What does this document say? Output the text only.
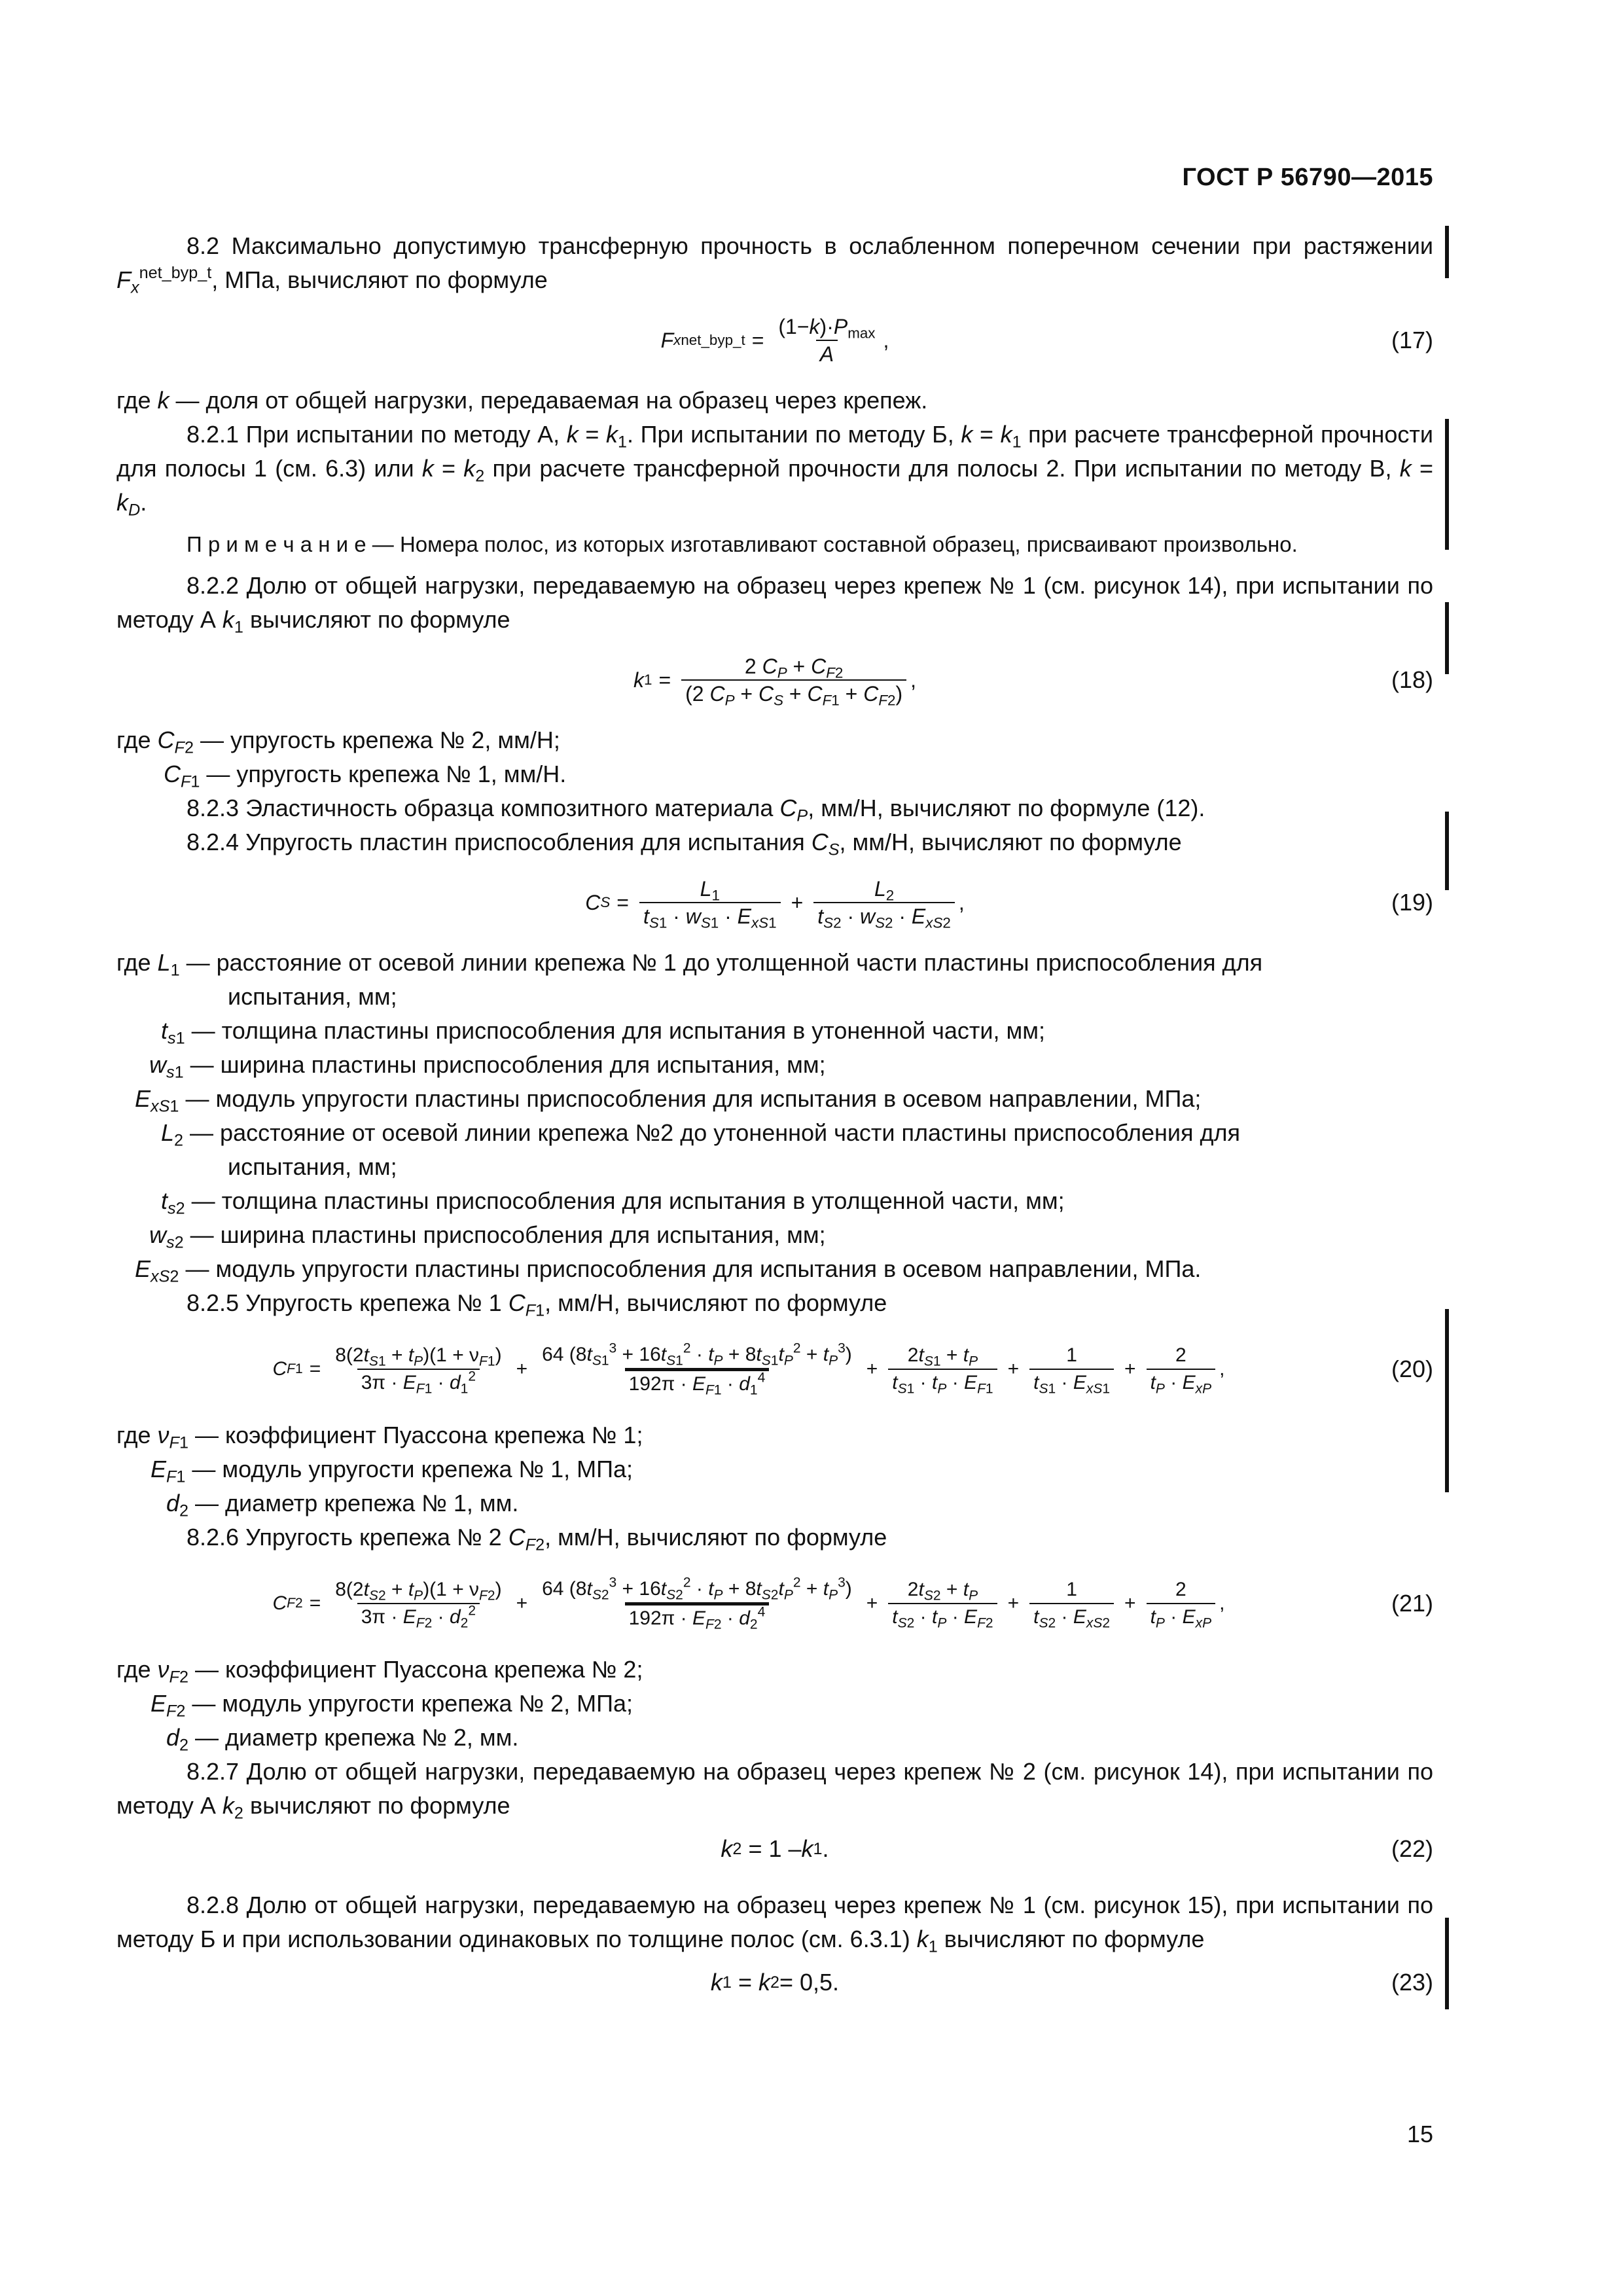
ГОСТ Р 56790—2015

8.2 Максимально допустимую трансферную прочность в ослабленном поперечном сечении при растяжении $F_x^{net\_byp\_t}$, МПа, вычисляют по формуле

F x net_byp_t = $\frac{(1-k)\cdot P_{max}}{A}$ ,	(17)

где k — доля от общей нагрузки, передаваемая на образец через крепеж.

8.2.1 При испытании по методу А, $k = k_1$. При испытании по методу Б, $k = k_1$ при расчете трансферной прочности для полосы 1 (см. 6.3) или $k = k_2$ при расчете трансферной прочности для полосы 2. При испытании по методу В, $k = k_D$.

П р и м е ч а н и е — Номера полос, из которых изготавливают составной образец, присваивают произвольно.

8.2.2 Долю от общей нагрузки, передаваемую на образец через крепеж № 1 (см. рисунок 14), при испытании по методу А $k_1$ вычисляют по формуле

k $1 = \frac{2 C_P + C_{F2}}{(2 C_P + C_S + C_{F1} + C_{F2})}$ ,	(18)

где $C_{F2}$ — упругость крепежа № 2, мм/Н;

$C_{F1}$ — упругость крепежа № 1, мм/Н.

8.2.3 Эластичность образца композитного материала $C_P$, мм/Н, вычисляют по формуле (12).

8.2.4 Упругость пластин приспособления для испытания $C_S$, мм/Н, вычисляют по формуле

C $S = \frac{L_1}{t_{S1} \cdot w_{S1} \cdot E_{xS1}} + \frac{L_2}{t_{S2} \cdot w_{S2} \cdot E_{xS2}}$ ,	(19)

где $L_1$ — расстояние от осевой линии крепежа № 1 до утолщенной части пластины приспособления для

испытания, мм;

$t_{s1}$ — толщина пластины приспособления для испытания в утоненной части, мм;

$w_{s1}$ — ширина пластины приспособления для испытания, мм;

$E_{xS1}$ — модуль упругости пластины приспособления для испытания в осевом направлении, МПа;

$L_2$ — расстояние от осевой линии крепежа №2 до утоненной части пластины приспособления для

испытания, мм;

$t_{s2}$ — толщина пластины приспособления для испытания в утолщенной части, мм;

$w_{s2}$ — ширина пластины приспособления для испытания, мм;

$E_{xS2}$ — модуль упругости пластины приспособления для испытания в осевом направлении, МПа.

8.2.5 Упругость крепежа № 1 $C_{F1}$, мм/Н, вычисляют по формуле

C $F1 = \frac{8(2t_{S1} + t_P)(1 + \nu_{F1})}{3\pi \cdot E_{F1} \cdot d_1^2} + \frac{64 (8t_{S1}^3 + 16t_{S1}^2 \cdot t_P + 8t_{S1}t_P^2 + t_P^3)}{192\pi \cdot E_{F1} \cdot d_1^4} + \frac{2t_{S1} + t_P}{t_{S1} \cdot t_P \cdot E_{F1}} + \frac{1}{t_{S1} \cdot E_{xS1}} + \frac{2}{t_P \cdot E_{xP}}$ ,	(20)

где $\nu_{F1}$ — коэффициент Пуассона крепежа № 1;

$E_{F1}$ — модуль упругости крепежа № 1, МПа;

$d_2$ — диаметр крепежа № 1, мм.

8.2.6 Упругость крепежа № 2 $C_{F2}$, мм/Н, вычисляют по формуле

C $F2 = \frac{8(2t_{S2} + t_P)(1 + \nu_{F2})}{3\pi \cdot E_{F2} \cdot d_2^2} + \frac{64 (8t_{S2}^3 + 16t_{S2}^2 \cdot t_P + 8t_{S2}t_P^2 + t_P^3)}{192\pi \cdot E_{F2} \cdot d_2^4} + \frac{2t_{S2} + t_P}{t_{S2} \cdot t_P \cdot E_{F2}} + \frac{1}{t_{S2} \cdot E_{xS2}} + \frac{2}{t_P \cdot E_{xP}}$ ,	(21)

где $\nu_{F2}$ — коэффициент Пуассона крепежа № 2;

$E_{F2}$ — модуль упругости крепежа № 2, МПа;

$d_2$ — диаметр крепежа № 2, мм.

8.2.7 Долю от общей нагрузки, передаваемую на образец через крепеж № 2 (см. рисунок 14), при испытании по методу А $k_2$ вычисляют по формуле

k 2
= 1 – k 1 .	(22)

8.2.8 Долю от общей нагрузки, передаваемую на образец через крепеж № 1 (см. рисунок 15), при испытании по методу Б и при использовании одинаковых по толщине полос (см. 6.3.1) $k_1$ вычисляют по формуле

k 1 = k 2 = 0,5.	(23)
15
